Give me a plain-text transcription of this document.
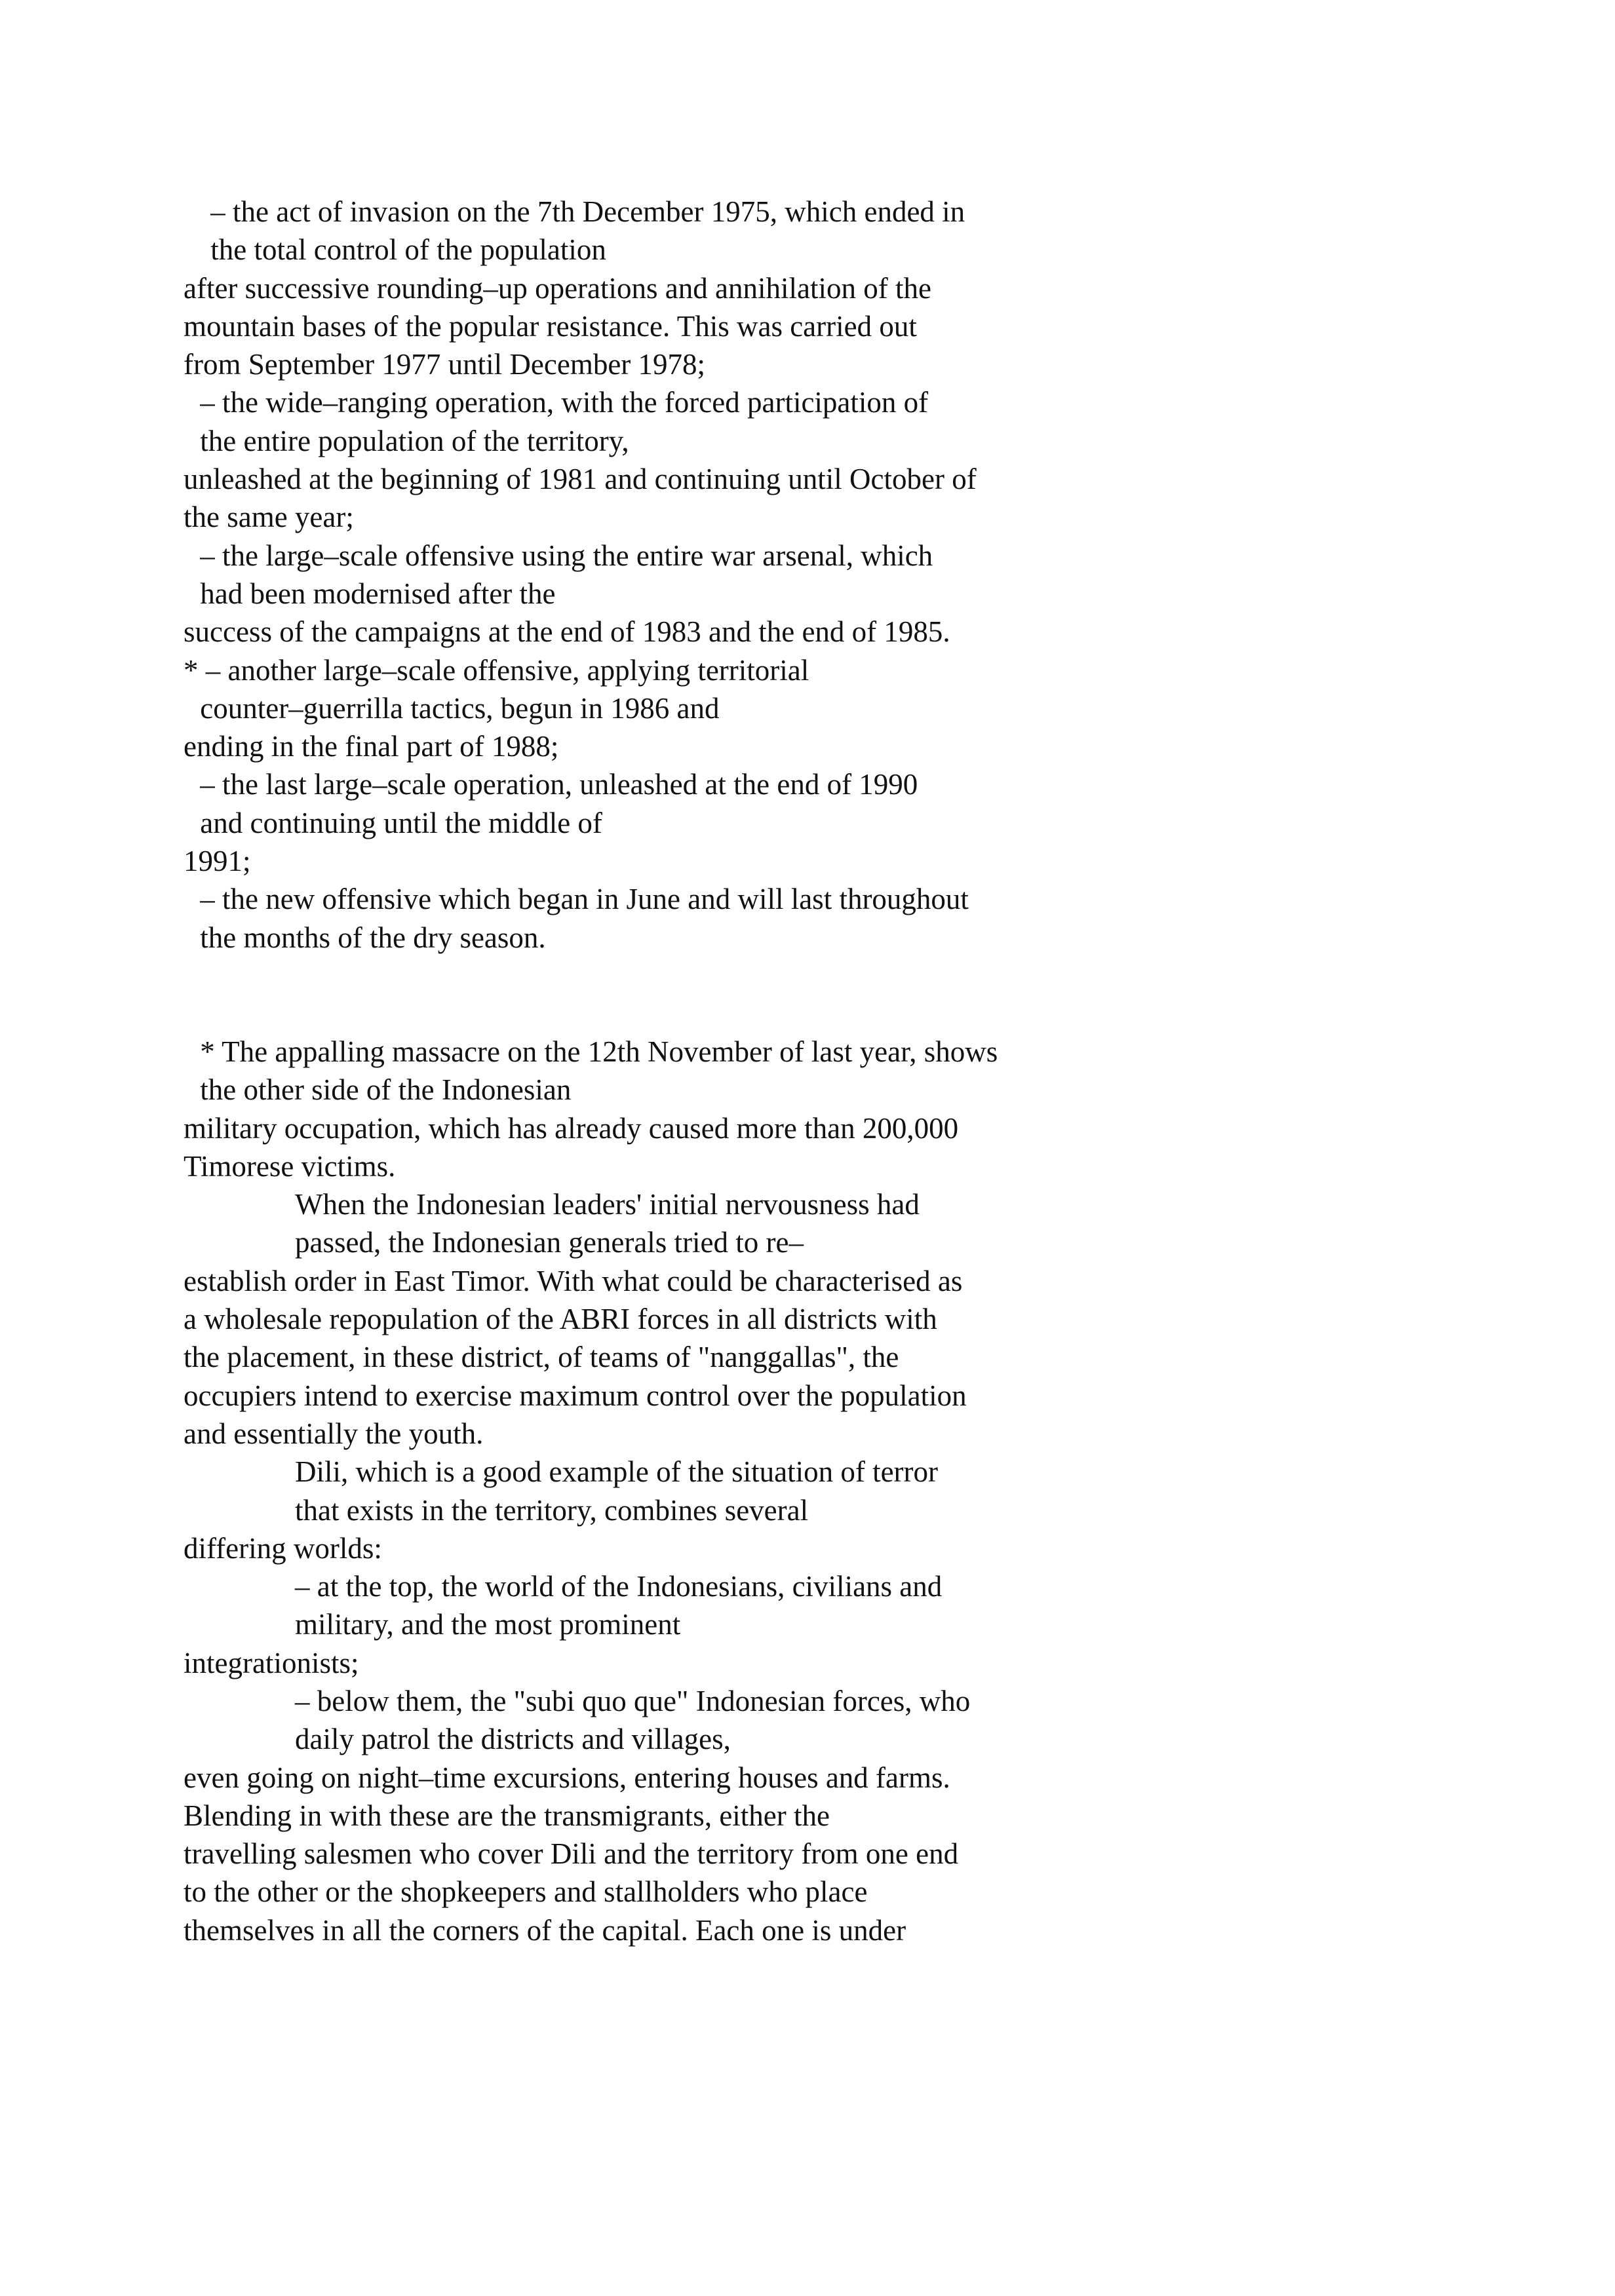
– the act of invasion on the 7th December 1975, which ended in
the total control of the population
after successive rounding–up operations and annihilation of the
mountain bases of the popular resistance. This was carried out
from September 1977 until December 1978;
– the wide–ranging operation, with the forced participation of
the entire population of the territory,
unleashed at the beginning of 1981 and continuing until October of
the same year;
– the large–scale offensive using the entire war arsenal, which
had been modernised after the
success of the campaigns at the end of 1983 and the end of 1985.
* – another large–scale offensive, applying territorial
counter–guerrilla tactics, begun in 1986 and
ending in the final part of 1988;
– the last large–scale operation, unleashed at the end of 1990
and continuing until the middle of
1991;
– the new offensive which began in June and will last throughout
the months of the dry season.
* The appalling massacre on the 12th November of last year, shows
the other side of the Indonesian
military occupation, which has already caused more than 200,000
Timorese victims.
When the Indonesian leaders' initial nervousness had
passed, the Indonesian generals tried to re–
establish order in East Timor. With what could be characterised as
a wholesale repopulation of the ABRI forces in all districts with
the placement, in these district, of teams of "nanggallas", the
occupiers intend to exercise maximum control over the population
and essentially the youth.
Dili, which is a good example of the situation of terror
that exists in the territory, combines several
differing worlds:
– at the top, the world of the Indonesians, civilians and
military, and the most prominent
integrationists;
– below them, the "subi quo que" Indonesian forces, who
daily patrol the districts and villages,
even going on night–time excursions, entering houses and farms.
Blending in with these are the transmigrants, either the
travelling salesmen who cover Dili and the territory from one end
to the other or the shopkeepers and stallholders who place
themselves in all the corners of the capital. Each one is under
